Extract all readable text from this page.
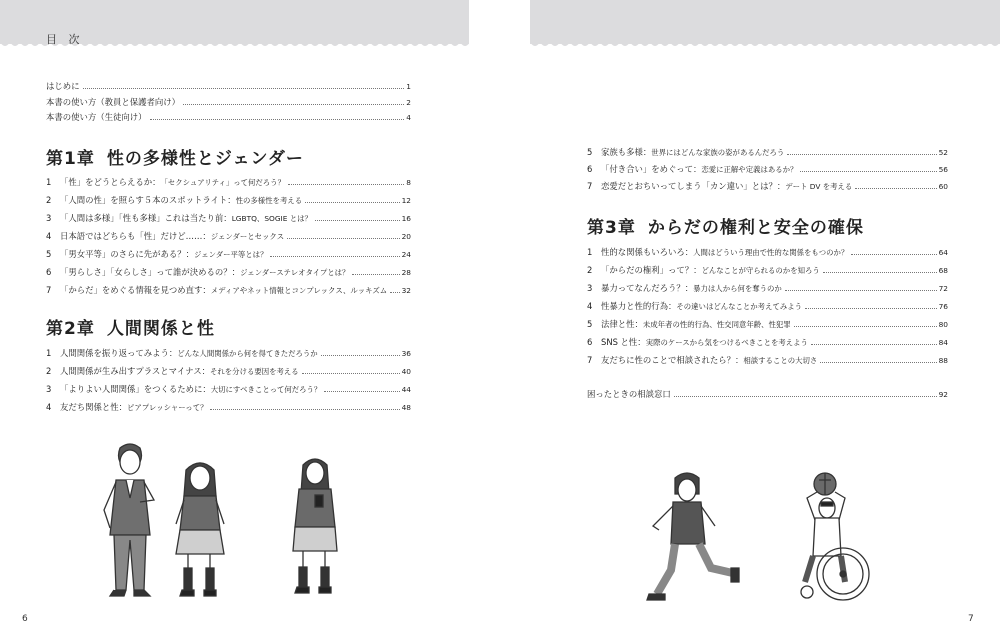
目 次
はじめに	1
本書の使い方（教員と保護者向け）	2
本書の使い方（生徒向け）	4
第1章 性の多様性とジェンダー
1 「性」をどうとらえるか： 「セクシュアリティ」って何だろう？	8
2 「人間の性」を照らす５本のスポットライト： 性の多様性を考える	12
3 「人間は多様」「性も多様」これは当たり前： LGBTQ、SOGIE とは？	16
4 日本語ではどちらも「性」だけど……： ジェンダーとセックス	20
5 「男女平等」のさらに先がある？： ジェンダー平等とは？	24
6 「男らしさ」「女らしさ」って誰が決めるの？： ジェンダーステレオタイプとは？	28
7 「からだ」をめぐる情報を見つめ直す： メディアやネット情報とコンプレックス、ルッキズム 32
第2章 人間関係と性
1 人間関係を振り返ってみよう： どんな人間関係から何を得てきただろうか	36
2 人間関係が生み出すプラスとマイナス： それを分ける要因を考える	40
3 「よりよい人間関係」をつくるために： 大切にすべきことって何だろう？	44
4 友だち関係と性： ピアプレッシャーって？	48
5 家族も多様： 世界にはどんな家族の姿があるんだろう	52
6 「付き合い」をめぐって： 恋愛に正解や定義はあるか？	56
7 恋愛だとおちいってしまう「カン違い」とは？： デート DV を考える	60
第3章 からだの権利と安全の確保
1 性的な関係もいろいろ： 人間はどういう理由で性的な関係をもつのか？	64
2 「からだの権利」って？： どんなことが守られるのかを知ろう	68
3 暴力ってなんだろう？： 暴力は人から何を奪うのか	72
4 性暴力と性的行為： その違いはどんなことか考えてみよう	76
5 法律と性： 未成年者の性的行為、性交同意年齢、性犯罪	80
6 SNS と性： 実際のケースから気をつけるべきことを考えよう	84
7 友だちに性のことで相談されたら？： 相談することの大切さ	88
困ったときの相談窓口	92
6	7
